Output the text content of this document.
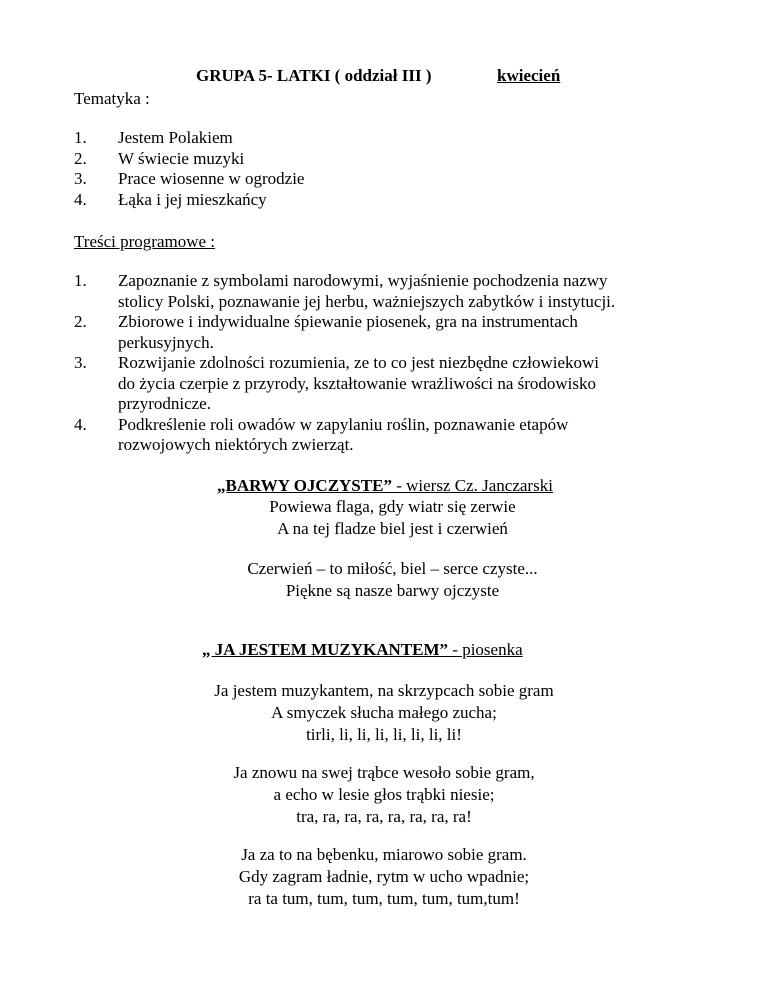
GRUPA 5- LATKI ( oddział III )	kwiecień
Tematyka :
1. Jestem Polakiem
2. W świecie muzyki
3. Prace wiosenne w ogrodzie
4. Łąka i jej mieszkańcy
Treści programowe :
1. Zapoznanie z symbolami narodowymi, wyjaśnienie pochodzenia nazwy
stolicy Polski, poznawanie jej herbu, ważniejszych zabytków i instytucji.
2. Zbiorowe i indywidualne śpiewanie piosenek, gra na instrumentach
perkusyjnych.
3. Rozwijanie zdolności rozumienia, ze to co jest niezbędne człowiekowi
do życia czerpie z przyrody, kształtowanie wrażliwości na środowisko
przyrodnicze.
4. Podkreślenie roli owadów w zapylaniu roślin, poznawanie etapów
rozwojowych niektórych zwierząt.
„BARWY OJCZYSTE” - wiersz Cz. Janczarski
Powiewa flaga, gdy wiatr się zerwie
A na tej fladze biel jest i czerwień
Czerwień – to miłość, biel – serce czyste...
Piękne są nasze barwy ojczyste
„ JA JESTEM MUZYKANTEM” - piosenka
Ja jestem muzykantem, na skrzypcach sobie gram
A smyczek słucha małego zucha;
tirli, li, li, li, li, li, li, li!
Ja znowu na swej trąbce wesoło sobie gram,
a echo w lesie głos trąbki niesie;
tra, ra, ra, ra, ra, ra, ra, ra!
Ja za to na bębenku, miarowo sobie gram.
Gdy zagram ładnie, rytm w ucho wpadnie;
ra ta tum, tum, tum, tum, tum, tum,tum!
